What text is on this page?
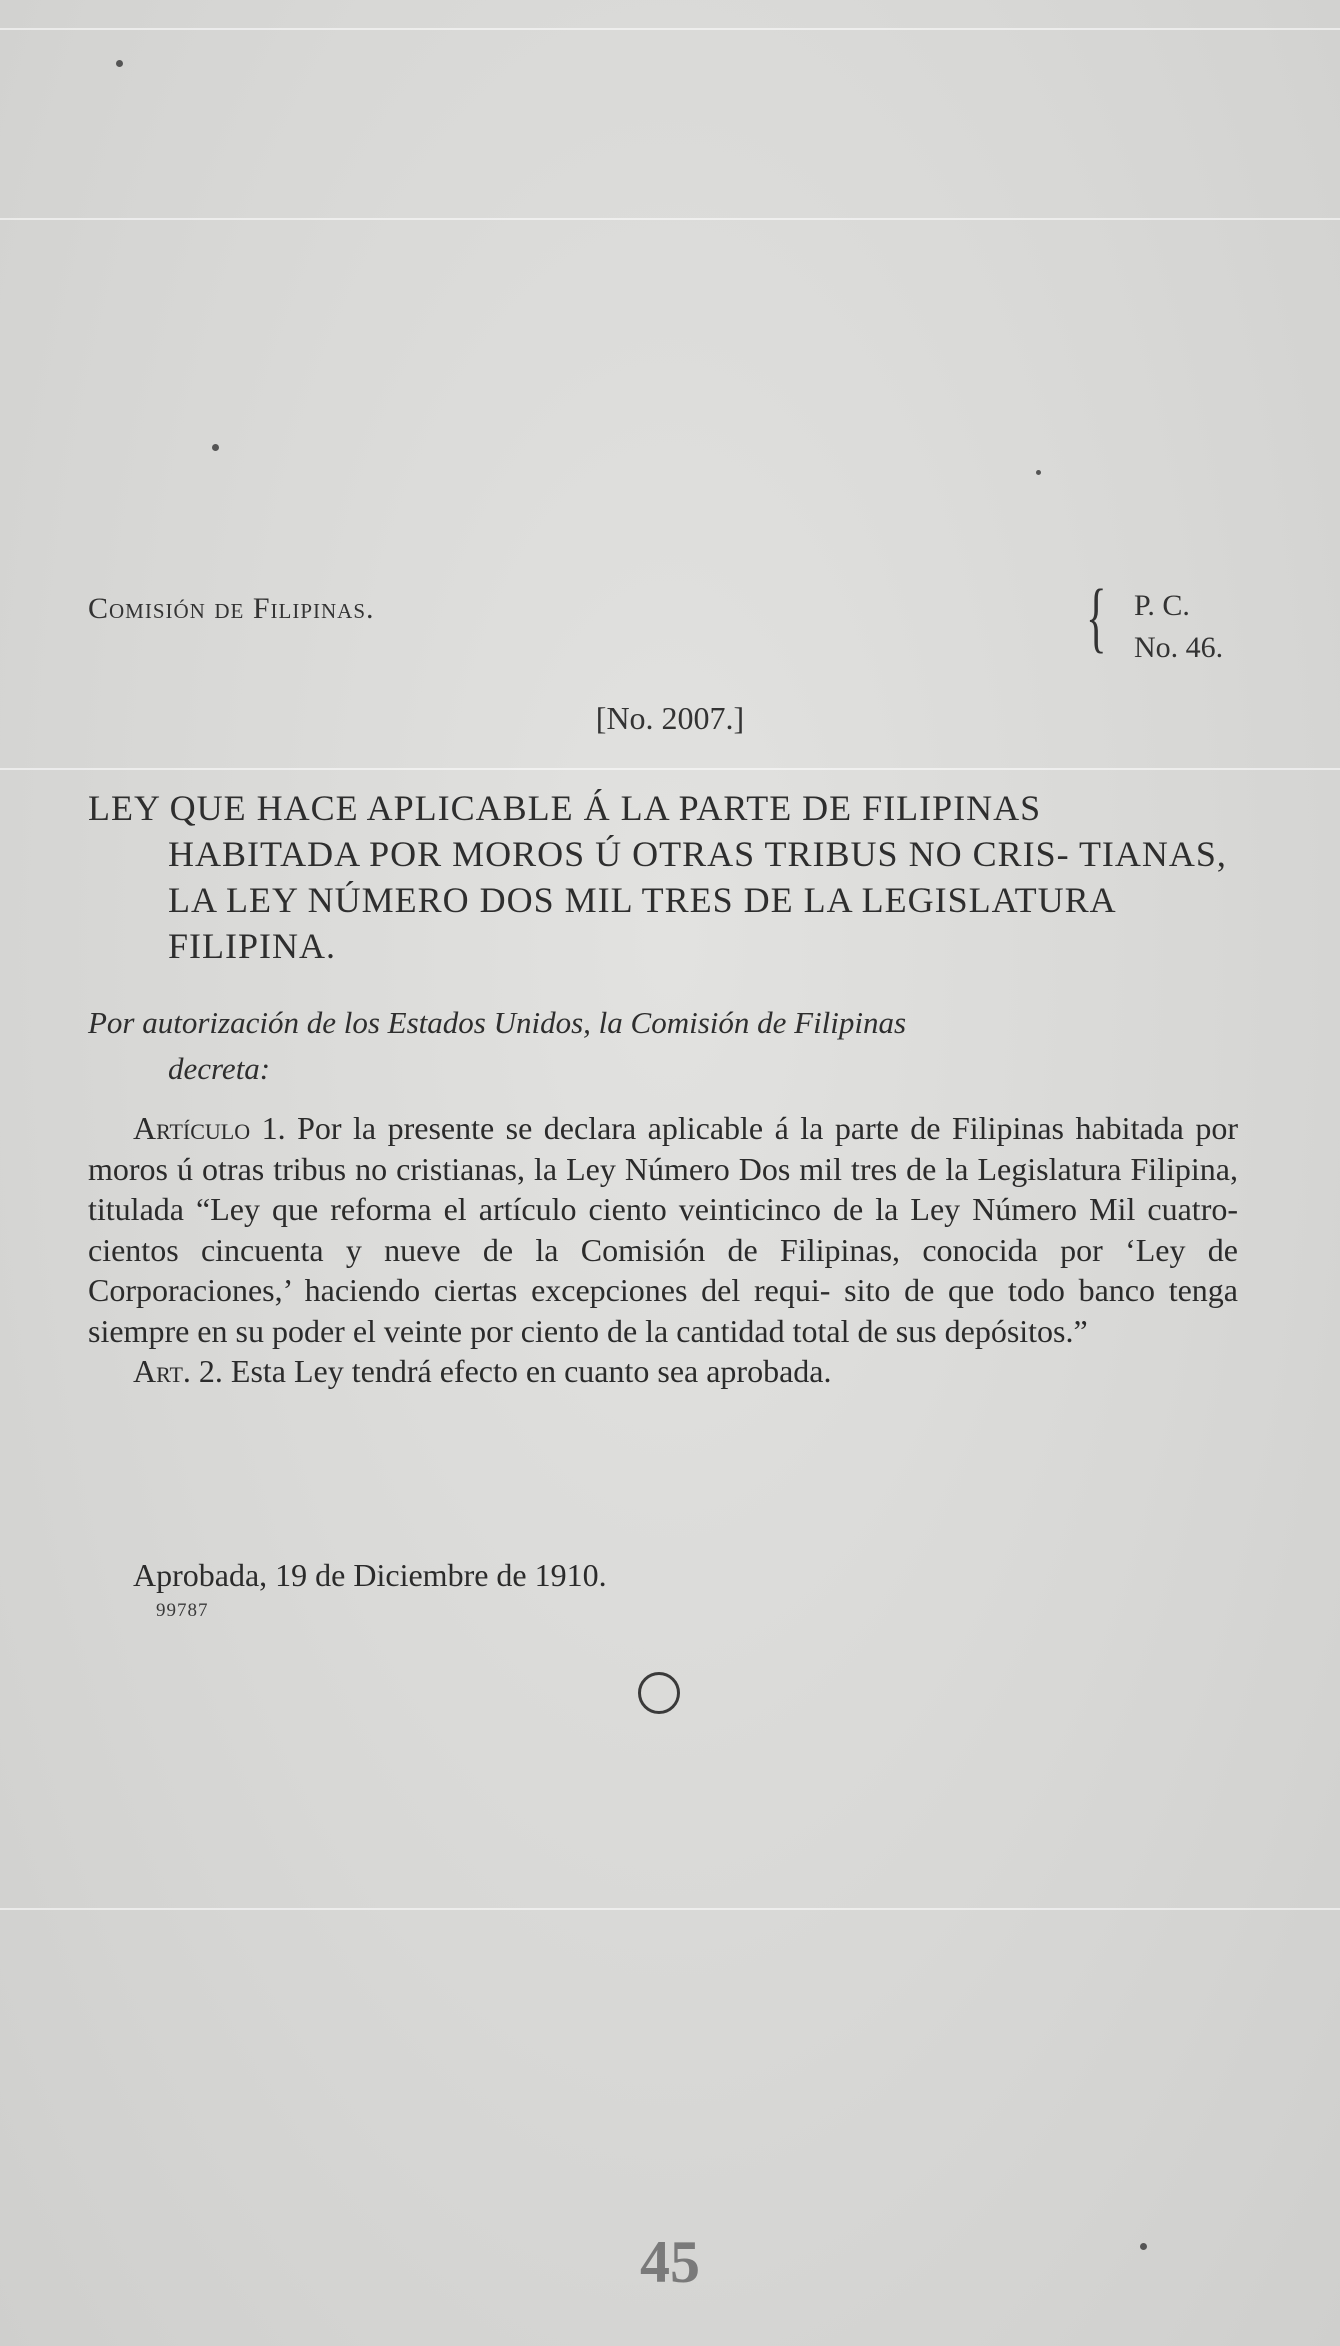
Comisión de Filipinas.	{ P. C.
No. 46.
[No. 2007.]
LEY QUE HACE APLICABLE Á LA PARTE DE FILIPINAS
HABITADA POR MOROS Ú OTRAS TRIBUS NO CRIS- TIANAS, LA LEY NÚMERO DOS MIL TRES DE LA LEGISLATURA FILIPINA.
Por autorización de los Estados Unidos, la Comisión de Filipinas
decreta:

Artículo 1. Por la presente se declara aplicable á la parte de Filipinas habitada por moros ú otras tribus no cristianas, la Ley Número Dos mil tres de la Legislatura Filipina, titulada “Ley que reforma el artículo ciento veinticinco de la Ley Número Mil cuatro- cientos cincuenta y nueve de la Comisión de Filipinas, conocida por ‘Ley de Corporaciones,’ haciendo ciertas excepciones del requi- sito de que todo banco tenga siempre en su poder el veinte por ciento de la cantidad total de sus depósitos.”

Art. 2. Esta Ley tendrá efecto en cuanto sea aprobada.

Aprobada, 19 de Diciembre de 1910.
99787
45
